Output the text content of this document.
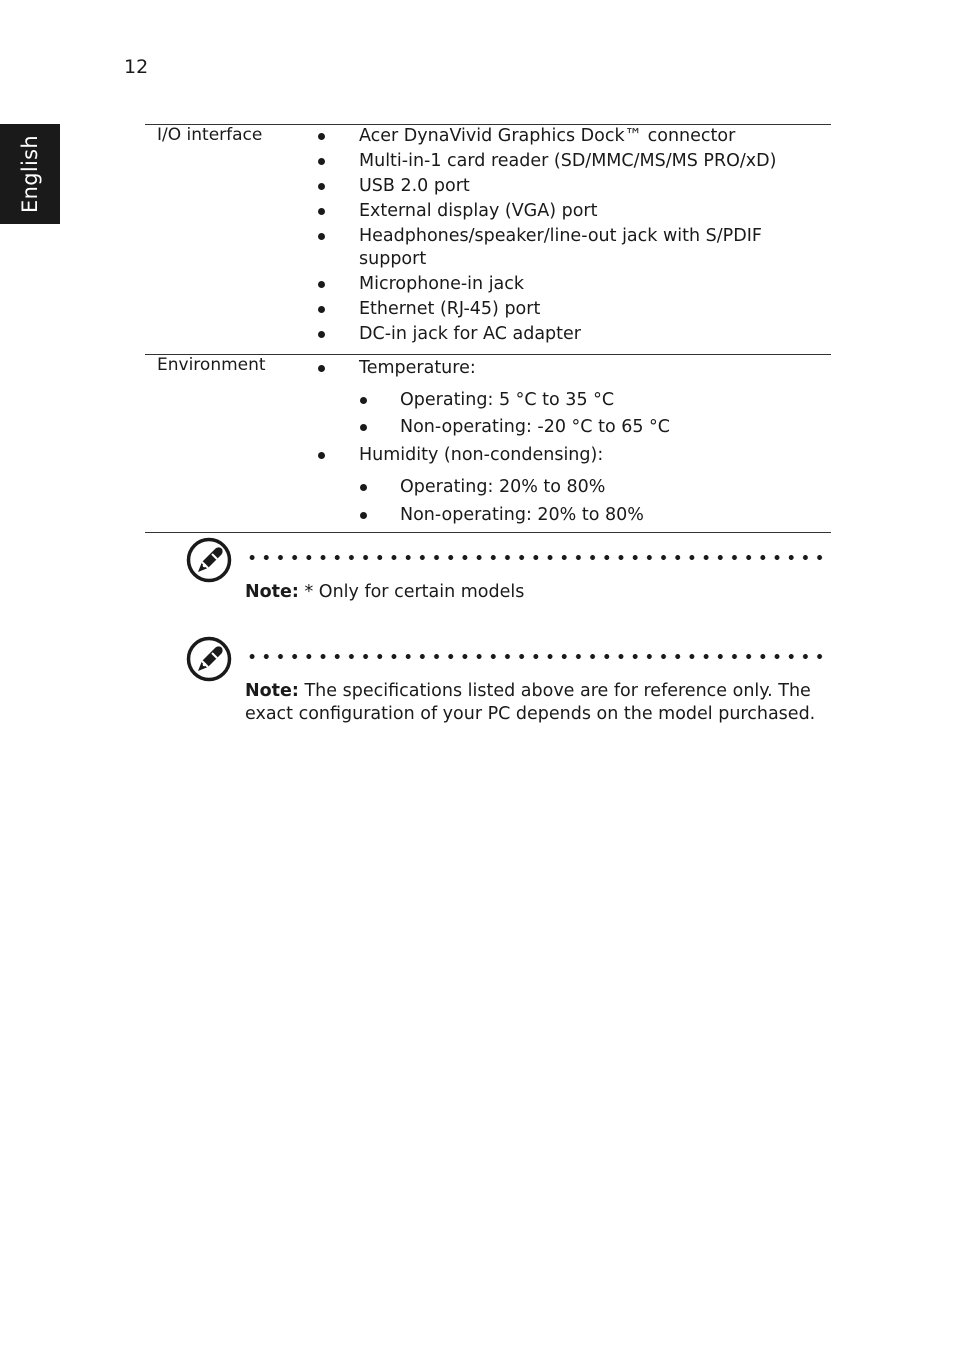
12
English
I/O interface	Acer DynaVivid Graphics Dock™ connector
Multi-in-1 card reader (SD/MMC/MS/MS PRO/xD)
USB 2.0 port
External display (VGA) port
Headphones/speaker/line-out jack with S/PDIF support
Microphone-in jack
Ethernet (RJ-45) port
DC-in jack for AC adapter
Environment	Temperature:
Operating: 5 °C to 35 °C
Non-operating: -20 °C to 65 °C
Humidity (non-condensing):
Operating: 20% to 80%
Non-operating: 20% to 80%
Note: * Only for certain models
Note: The specifications listed above are for reference only. The exact configuration of your PC depends on the model purchased.
